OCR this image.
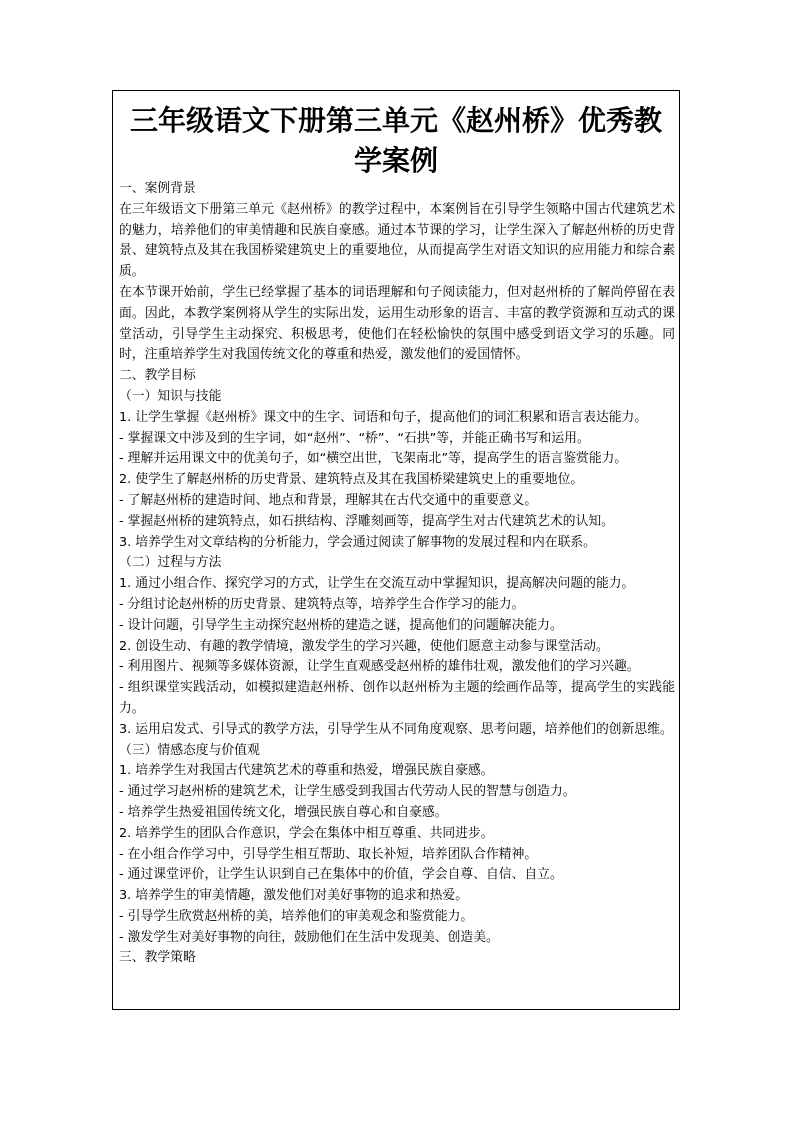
三年级语文下册第三单元《赵州桥》优秀教
学案例

一、案例背景

在三年级语文下册第三单元《赵州桥》的教学过程中，本案例旨在引导学生领略中国古代建筑艺术的魅力，培养他们的审美情趣和民族自豪感。通过本节课的学习，让学生深入了解赵州桥的历史背景、建筑特点及其在我国桥梁建筑史上的重要地位，从而提高学生对语文知识的应用能力和综合素质。

在本节课开始前，学生已经掌握了基本的词语理解和句子阅读能力，但对赵州桥的了解尚停留在表面。因此，本教学案例将从学生的实际出发，运用生动形象的语言、丰富的教学资源和互动式的课堂活动，引导学生主动探究、积极思考，使他们在轻松愉快的氛围中感受到语文学习的乐趣。同时，注重培养学生对我国传统文化的尊重和热爱，激发他们的爱国情怀。

二、教学目标

（一）知识与技能

1. 让学生掌握《赵州桥》课文中的生字、词语和句子，提高他们的词汇积累和语言表达能力。

- 掌握课文中涉及到的生字词，如“赵州”、“桥”、“石拱”等，并能正确书写和运用。

- 理解并运用课文中的优美句子，如“横空出世，飞架南北”等，提高学生的语言鉴赏能力。

2. 使学生了解赵州桥的历史背景、建筑特点及其在我国桥梁建筑史上的重要地位。

- 了解赵州桥的建造时间、地点和背景，理解其在古代交通中的重要意义。

- 掌握赵州桥的建筑特点，如石拱结构、浮雕刻画等，提高学生对古代建筑艺术的认知。

3. 培养学生对文章结构的分析能力，学会通过阅读了解事物的发展过程和内在联系。

（二）过程与方法

1. 通过小组合作、探究学习的方式，让学生在交流互动中掌握知识，提高解决问题的能力。

- 分组讨论赵州桥的历史背景、建筑特点等，培养学生合作学习的能力。

- 设计问题，引导学生主动探究赵州桥的建造之谜，提高他们的问题解决能力。

2. 创设生动、有趣的教学情境，激发学生的学习兴趣，使他们愿意主动参与课堂活动。

- 利用图片、视频等多媒体资源，让学生直观感受赵州桥的雄伟壮观，激发他们的学习兴趣。

- 组织课堂实践活动，如模拟建造赵州桥、创作以赵州桥为主题的绘画作品等，提高学生的实践能力。

3. 运用启发式、引导式的教学方法，引导学生从不同角度观察、思考问题，培养他们的创新思维。

（三）情感态度与价值观

1. 培养学生对我国古代建筑艺术的尊重和热爱，增强民族自豪感。

- 通过学习赵州桥的建筑艺术，让学生感受到我国古代劳动人民的智慧与创造力。

- 培养学生热爱祖国传统文化，增强民族自尊心和自豪感。

2. 培养学生的团队合作意识，学会在集体中相互尊重、共同进步。

- 在小组合作学习中，引导学生相互帮助、取长补短，培养团队合作精神。

- 通过课堂评价，让学生认识到自己在集体中的价值，学会自尊、自信、自立。

3. 培养学生的审美情趣，激发他们对美好事物的追求和热爱。

- 引导学生欣赏赵州桥的美，培养他们的审美观念和鉴赏能力。

- 激发学生对美好事物的向往，鼓励他们在生活中发现美、创造美。

三、教学策略
